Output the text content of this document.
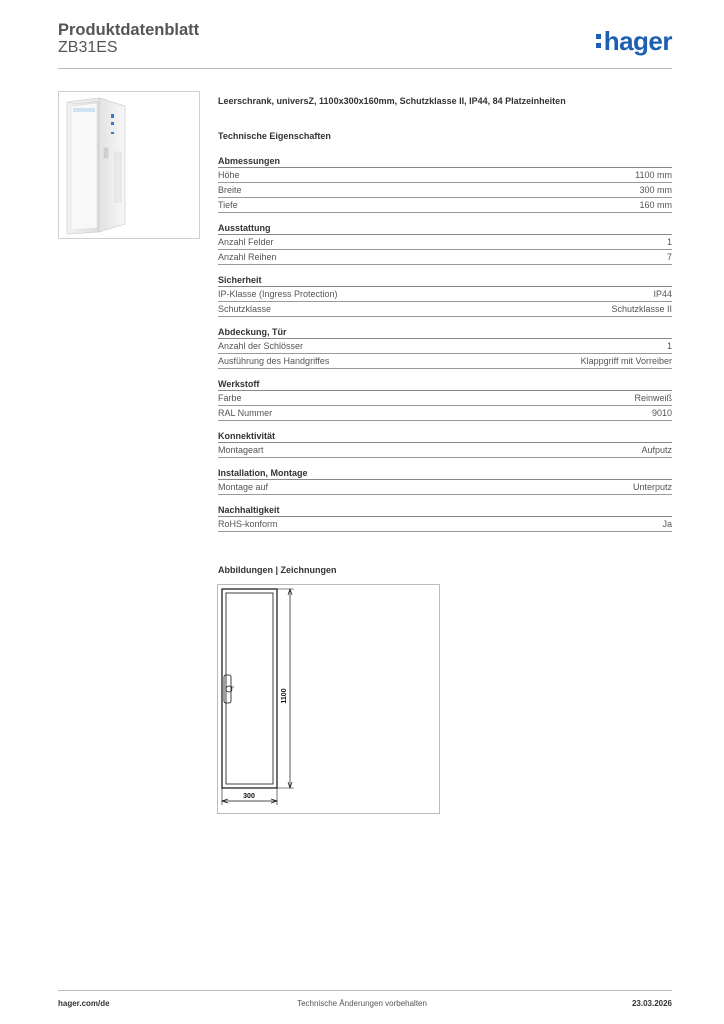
Produktdatenblatt
ZB31ES	hager
Leerschrank, universZ, 1100x300x160mm, Schutzklasse II, IP44, 84 Platzeinheiten
Technische Eigenschaften
Abmessungen
Höhe	1100 mm
Breite	300 mm
Tiefe	160 mm
Ausstattung
Anzahl Felder	1
Anzahl Reihen	7
Sicherheit
IP-Klasse (Ingress Protection)	IP44
Schutzklasse	Schutzklasse II
Abdeckung, Tür
Anzahl der Schlösser	1
Ausführung des Handgriffes	Klappgriff mit Vorreiber
Werkstoff
Farbe	Reinweiß
RAL Nummer	9010
Konnektivität
Montageart	Aufputz
Installation, Montage
Montage auf	Unterputz
Nachhaltigkeit
RoHS-konform	Ja
Abbildungen | Zeichnungen
1100
300
hager.com/de	Technische Änderungen vorbehalten	23.03.2026
